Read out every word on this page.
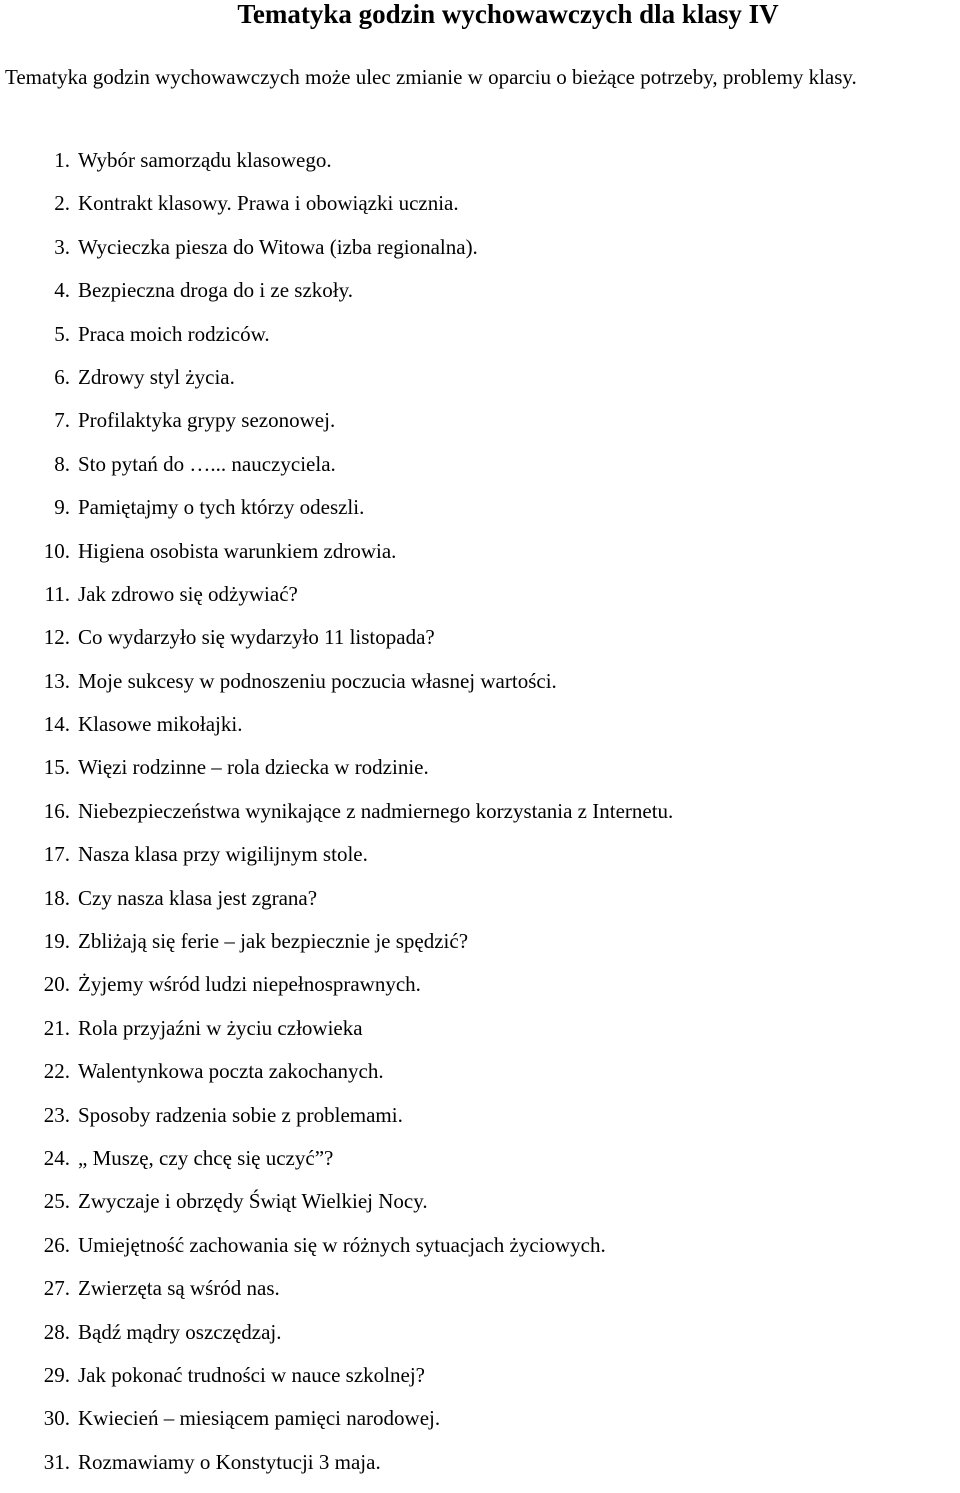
Tematyka godzin wychowawczych dla klasy IV

Tematyka godzin wychowawczych może ulec zmianie w oparciu o bieżące potrzeby, problemy klasy.

1. Wybór samorządu klasowego.
2. Kontrakt klasowy. Prawa i obowiązki ucznia.
3. Wycieczka piesza do Witowa (izba regionalna).
4. Bezpieczna droga do i ze szkoły.
5. Praca moich rodziców.
6. Zdrowy styl życia.
7. Profilaktyka grypy sezonowej.
8. Sto pytań do …... nauczyciela.
9. Pamiętajmy o tych którzy odeszli.
10. Higiena osobista warunkiem zdrowia.
11. Jak zdrowo się odżywiać?
12. Co wydarzyło się wydarzyło 11 listopada?
13. Moje sukcesy w podnoszeniu poczucia własnej wartości.
14. Klasowe mikołajki.
15. Więzi rodzinne – rola dziecka w rodzinie.
16. Niebezpieczeństwa wynikające z nadmiernego korzystania z Internetu.
17. Nasza klasa przy wigilijnym stole.
18. Czy nasza klasa jest zgrana?
19. Zbliżają się ferie – jak bezpiecznie je spędzić?
20. Żyjemy wśród ludzi niepełnosprawnych.
21. Rola przyjaźni w życiu człowieka
22. Walentynkowa poczta zakochanych.
23. Sposoby radzenia sobie z problemami.
24. „ Muszę, czy chcę się uczyć”?
25. Zwyczaje i obrzędy Świąt Wielkiej Nocy.
26. Umiejętność zachowania się w różnych sytuacjach życiowych.
27. Zwierzęta są wśród nas.
28. Bądź mądry oszczędzaj.
29. Jak pokonać trudności w nauce szkolnej?
30. Kwiecień – miesiącem pamięci narodowej.
31. Rozmawiamy o Konstytucji 3 maja.
